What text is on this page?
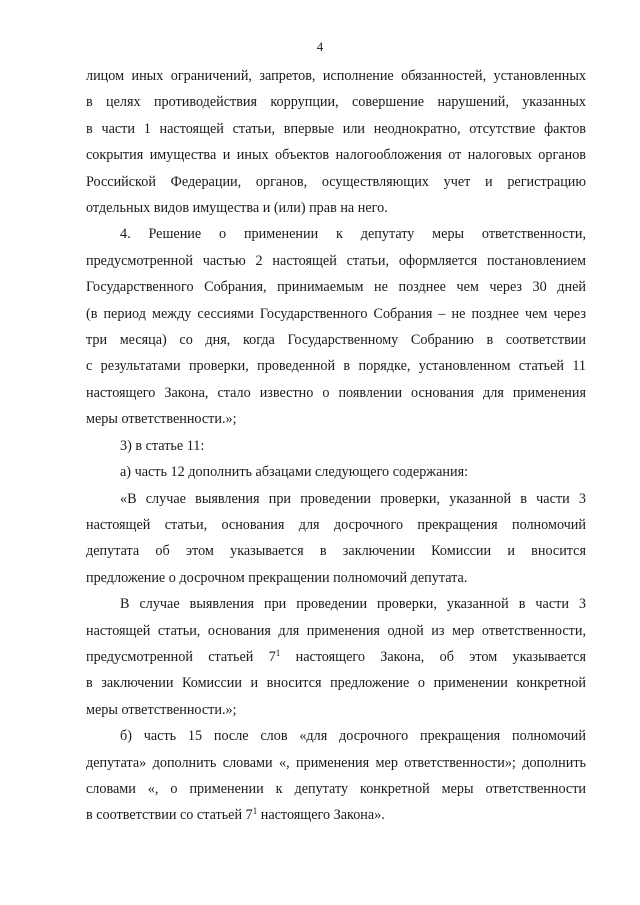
4

лицом иных ограничений, запретов, исполнение обязанностей, установленных
в целях противодействия коррупции, совершение нарушений, указанных
в части 1 настоящей статьи, впервые или неоднократно, отсутствие фактов
сокрытия имущества и иных объектов налогообложения от налоговых органов
Российской Федерации, органов, осуществляющих учет и регистрацию
отдельных видов имущества и (или) прав на него.

4. Решение о применении к депутату меры ответственности,
предусмотренной частью 2 настоящей статьи, оформляется постановлением
Государственного Собрания, принимаемым не позднее чем через 30 дней
(в период между сессиями Государственного Собрания – не позднее чем через
три месяца) со дня, когда Государственному Собранию в соответствии
с результатами проверки, проведенной в порядке, установленном статьей 11
настоящего Закона, стало известно о появлении основания для применения
меры ответственности.»;

3) в статье 11:

а) часть 12 дополнить абзацами следующего содержания:

«В случае выявления при проведении проверки, указанной в части 3
настоящей статьи, основания для досрочного прекращения полномочий
депутата об этом указывается в заключении Комиссии и вносится
предложение о досрочном прекращении полномочий депутата.

В случае выявления при проведении проверки, указанной в части 3
настоящей статьи, основания для применения одной из мер ответственности,
предусмотренной статьей $7^1$ настоящего Закона, об этом указывается
в заключении Комиссии и вносится предложение о применении конкретной
меры ответственности.»;

б) часть 15 после слов «для досрочного прекращения полномочий
депутата» дополнить словами «, применения мер ответственности»; дополнить
словами «, о применении к депутату конкретной меры ответственности
в соответствии со статьей $7^1$ настоящего Закона».
